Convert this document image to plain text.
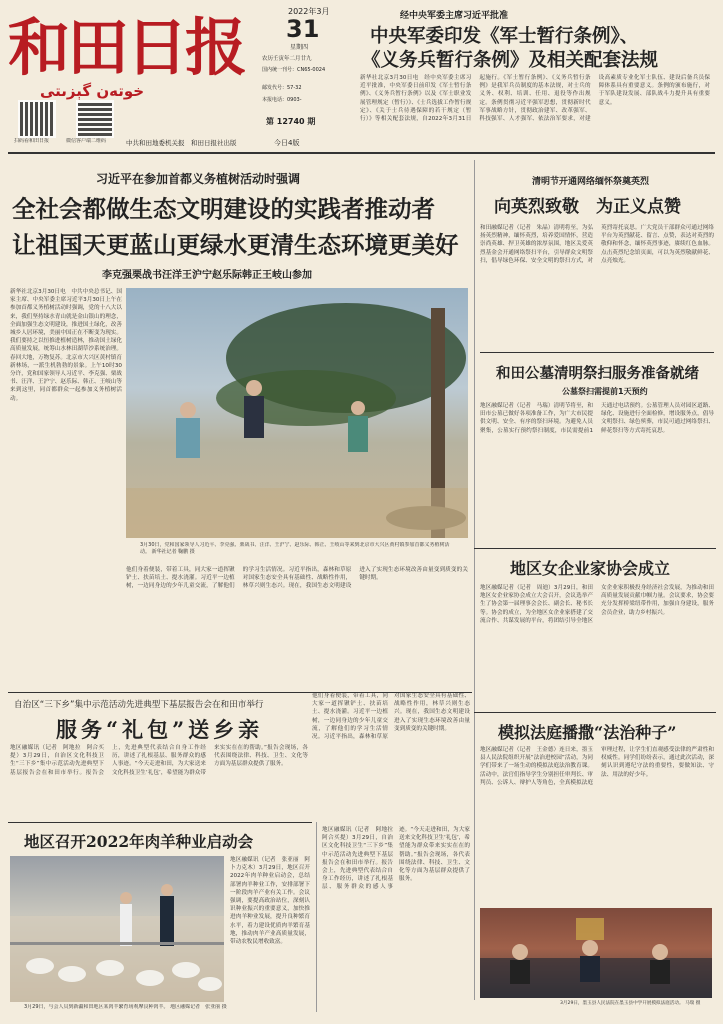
和田日报
خوتەن گېزىتى
2022年3月
31
星期四
农历壬寅年二月廿九
国内统一刊号：CN65-0024
邮发代号：57-32
本报电话：0903-
第 12740 期
今日4版
扫码看和田日报	微信客户端二维码	中共和田地委机关报　和田日报社出版
经中央军委主席习近平批准
中央军委印发《军士暂行条例》、
《义务兵暂行条例》及相关配套法规
新华社北京3月30日电　经中央军委主席习近平批准，中央军委日前印发《军士暂行条例》、《义务兵暂行条例》以及《军士职业发展管理规定（暂行）》、《士兵选拔工作暂行规定》、《关于士兵待遇保障的若干规定（暂行）》等相关配套法规，自2022年3月31日起施行。《军士暂行条例》、《义务兵暂行条例》是我军兵员制度的基本法规，对士兵的义务、权利、培训、任用、退役等作出规定。条例贯彻习近平强军思想，贯彻新时代军事战略方针，贯彻政治建军、改革强军、科技强军、人才强军、依法治军要求，对建设高素质专业化军士队伍、建设后备兵员保障体系具有重要意义。条例的颁布施行，对于军队建设发展、部队战斗力提升具有重要意义。
习近平在参加首都义务植树活动时强调
全社会都做生态文明建设的实践者推动者
让祖国天更蓝山更绿水更清生态环境更美好
李克强栗战书汪洋王沪宁赵乐际韩正王岐山参加
新华社北京3月30日电　中共中央总书记、国家主席、中央军委主席习近平3月30日上午在参加首都义务植树活动时强调，党的十八大以来，我们坚持绿水青山就是金山银山的理念，全面加强生态文明建设，推进国土绿化，改善城乡人居环境，美丽中国正在不断变为现实。我们要持之以恒推进植树造林，推动国土绿化高质量发展，统筹山水林田湖草沙系统治理。春回大地，万物复苏。北京市大兴区黄村镇育新林场，一派生机勃勃的景象。上午10时30分许，党和国家领导人习近平、李克强、栗战书、汪洋、王沪宁、赵乐际、韩正、王岐山等来到这里，同首都群众一起参加义务植树活动。
3月30日，党和国家领导人习近平、李克强、栗战书、汪洋、王沪宁、赵乐际、韩正、王岐山等来到北京市大兴区黄村镇参加首都义务植树活动。 新华社记者 鞠鹏 摄
他们身着便装，带着工具，同大家一道挥锹铲土、扶苗培土、提水浇灌。习近平一边植树，一边同身边的少年儿童交流，了解他们的学习生活情况。习近平指出，森林和草原对国家生态安全具有基础性、战略性作用，林草兴则生态兴。现在，我国生态文明建设进入了实现生态环境改善由量变到质变的关键时期。
清明节开通网络缅怀祭奠英烈
向英烈致敬　为正义点赞
和田融媒记者（记者　朱晶）清明将至，为弘扬英烈精神，缅怀英烈，培养爱国情怀，营造崇尚英雄、捍卫英雄的浓厚氛围，地区关爱英烈基金会开通网络祭扫平台，引导群众文明祭扫，倡导绿色环保、安全文明的祭扫方式，对英烈寄托哀思。广大党员干部群众可通过网络平台为英烈献花、留言、点赞，表达对英烈的敬仰和怀念，缅怀英烈事迹，赓续红色血脉。点击英烈纪念馆页面，可以为英烈敬献鲜花、点亮烛光。
和田公墓清明祭扫服务准备就绪
公墓祭扫需提前1天预约
地区融媒记者（记者　马瑞）清明节将至，和田市公墓已做好各项准备工作，为广大市民提供文明、安全、有序的祭扫环境。为避免人员聚集，公墓实行预约祭扫制度，市民需提前1天通过电话预约。公墓管理人员对园区道路、绿化、设施进行全面检修，增设服务点，倡导文明祭扫、绿色殡葬，市民可通过网络祭扫、鲜花祭扫等方式寄托哀思。
地区女企业家协会成立
地区融媒记者（记者　周迪）3月29日，和田地区女企业家协会成立大会召开，会议选举产生了协会第一届理事会会长、副会长、秘书长等。协会的成立，为全地区女企业家搭建了交流合作、共谋发展的平台，将团结引导全地区女企业家积极投身经济社会发展，为推动和田高质量发展贡献巾帼力量。会议要求，协会要充分发挥桥梁纽带作用，加强自身建设，服务会员企业，助力乡村振兴。
模拟法庭播撒“法治种子”
地区融媒记者（记者　王金德）连日来，墨玉县人民法院组织开展“法治进校园”活动，为同学们带来了一场生动的模拟法庭法治教育课。活动中，法官们指导学生分别担任审判长、审判员、公诉人、辩护人等角色，全真模拟法庭审理过程，让学生们直观感受法律的严肃性和权威性。同学们纷纷表示，通过此次活动，深刻认识到遵纪守法的重要性，要做知法、守法、用法的好少年。
3月29日，墨玉县人民法院在墨玉县中学开展模拟法庭活动。 马瑞 摄
自治区“三下乡”集中示范活动先进典型下基层报告会在和田市举行
服务“礼包”送乡亲
地区融媒讯（记者　阿地拉　阿合买提）3月29日，自治区文化科技卫生“三下乡”集中示范活动先进典型下基层报告会在和田市举行。报告会上，先进典型代表结合自身工作经历，讲述了扎根基层、服务群众的感人事迹。“今天走进和田，为大家送来文化科技卫生‘礼包’，希望能为群众带来实实在在的帮助。”报告会现场，各代表围绕法律、科技、卫生、文化等方面为基层群众提供了服务。
他们身着便装，带着工具，同大家一道挥锹铲土、扶苗培土、提水浇灌。习近平一边植树，一边同身边的少年儿童交流，了解他们的学习生活情况。习近平指出，森林和草原对国家生态安全具有基础性、战略性作用，林草兴则生态兴。现在，我国生态文明建设进入了实现生态环境改善由量变到质变的关键时期。
地区召开2022年肉羊种业启动会
地区融媒讯（记者　张亚丽　阿卜力克木）3月29日，地区召开2022年肉羊种业启动会，总结部署肉羊种业工作，安排部署下一阶段肉羊产业有关工作。会议强调，要提高政治站位，深刻认识种业振兴的重要意义，加快推进肉羊种业发展，提升良种繁育水平，着力建设优质肉羊繁育基地，推动肉羊产业高质量发展，带动农牧民增收致富。
3月29日，与会人员到新疆和田地区某肉羊繁育场观摩良种肉羊。 地区融媒记者　张亚丽 摄
地区融媒讯（记者　阿地拉　阿合买提）3月29日，自治区文化科技卫生“三下乡”集中示范活动先进典型下基层报告会在和田市举行。报告会上，先进典型代表结合自身工作经历，讲述了扎根基层、服务群众的感人事迹。“今天走进和田，为大家送来文化科技卫生‘礼包’，希望能为群众带来实实在在的帮助。”报告会现场，各代表围绕法律、科技、卫生、文化等方面为基层群众提供了服务。
